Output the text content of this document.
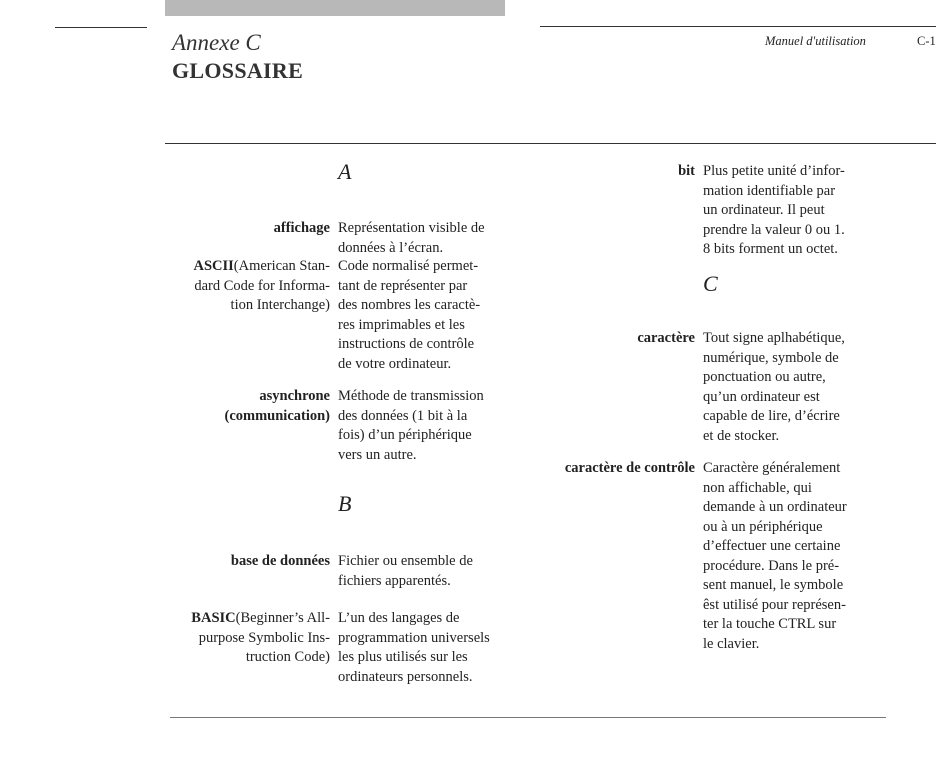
Annexe C
GLOSSAIRE
Manuel d'utilisation	C-1
A
affichage Représentation visible de
données à l’écran.
ASCII(American Stan-
dard Code for Informa-
tion Interchange)
Code normalisé permet-
tant de représenter par
des nombres les caractè-
res imprimables et les
instructions de contrôle
de votre ordinateur.
asynchrone
(communication)
Méthode de transmission
des données (1 bit à la
fois) d’un périphérique
vers un autre.
B
base de données Fichier ou ensemble de
fichiers apparentés.
BASIC(Beginner’s All-
purpose Symbolic Ins-
truction Code)
L’un des langages de
programmation universels
les plus utilisés sur les
ordinateurs personnels.
bit Plus petite unité d’infor-
mation identifiable par
un ordinateur. Il peut
prendre la valeur 0 ou 1.
8 bits forment un octet.
C
caractère Tout signe aplhabétique,
numérique, symbole de
ponctuation ou autre,
qu’un ordinateur est
capable de lire, d’écrire
et de stocker.
caractère de contrôle Caractère généralement
non affichable, qui
demande à un ordinateur
ou à un périphérique
d’effectuer une certaine
procédure. Dans le pré-
sent manuel, le symbole
êst utilisé pour représen-
ter la touche CTRL sur
le clavier.
